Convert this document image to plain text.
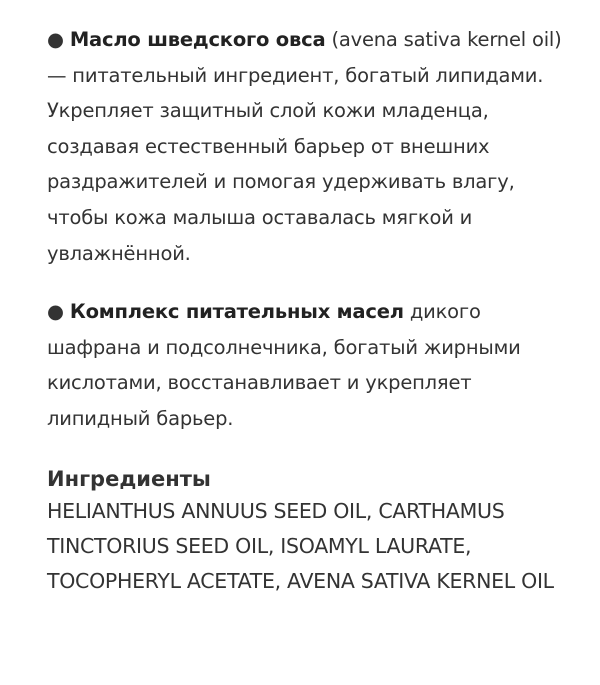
● Масло шведского овса (avena sativa kernel oil) — питательный ингредиент, богатый липидами. Укрепляет защитный слой кожи младенца, создавая естественный барьер от внешних раздражителей и помогая удерживать влагу, чтобы кожа малыша оставалась мягкой и увлажнённой.

● Комплекс питательных масел дикого шафрана и подсолнечника, богатый жирными кислотами, восстанавливает и укрепляет липидный барьер.

Ингредиенты

HELIANTHUS ANNUUS SEED OIL, CARTHAMUS TINCTORIUS SEED OIL, ISOAMYL LAURATE, TOCOPHERYL ACETATE, AVENA SATIVA KERNEL OIL
